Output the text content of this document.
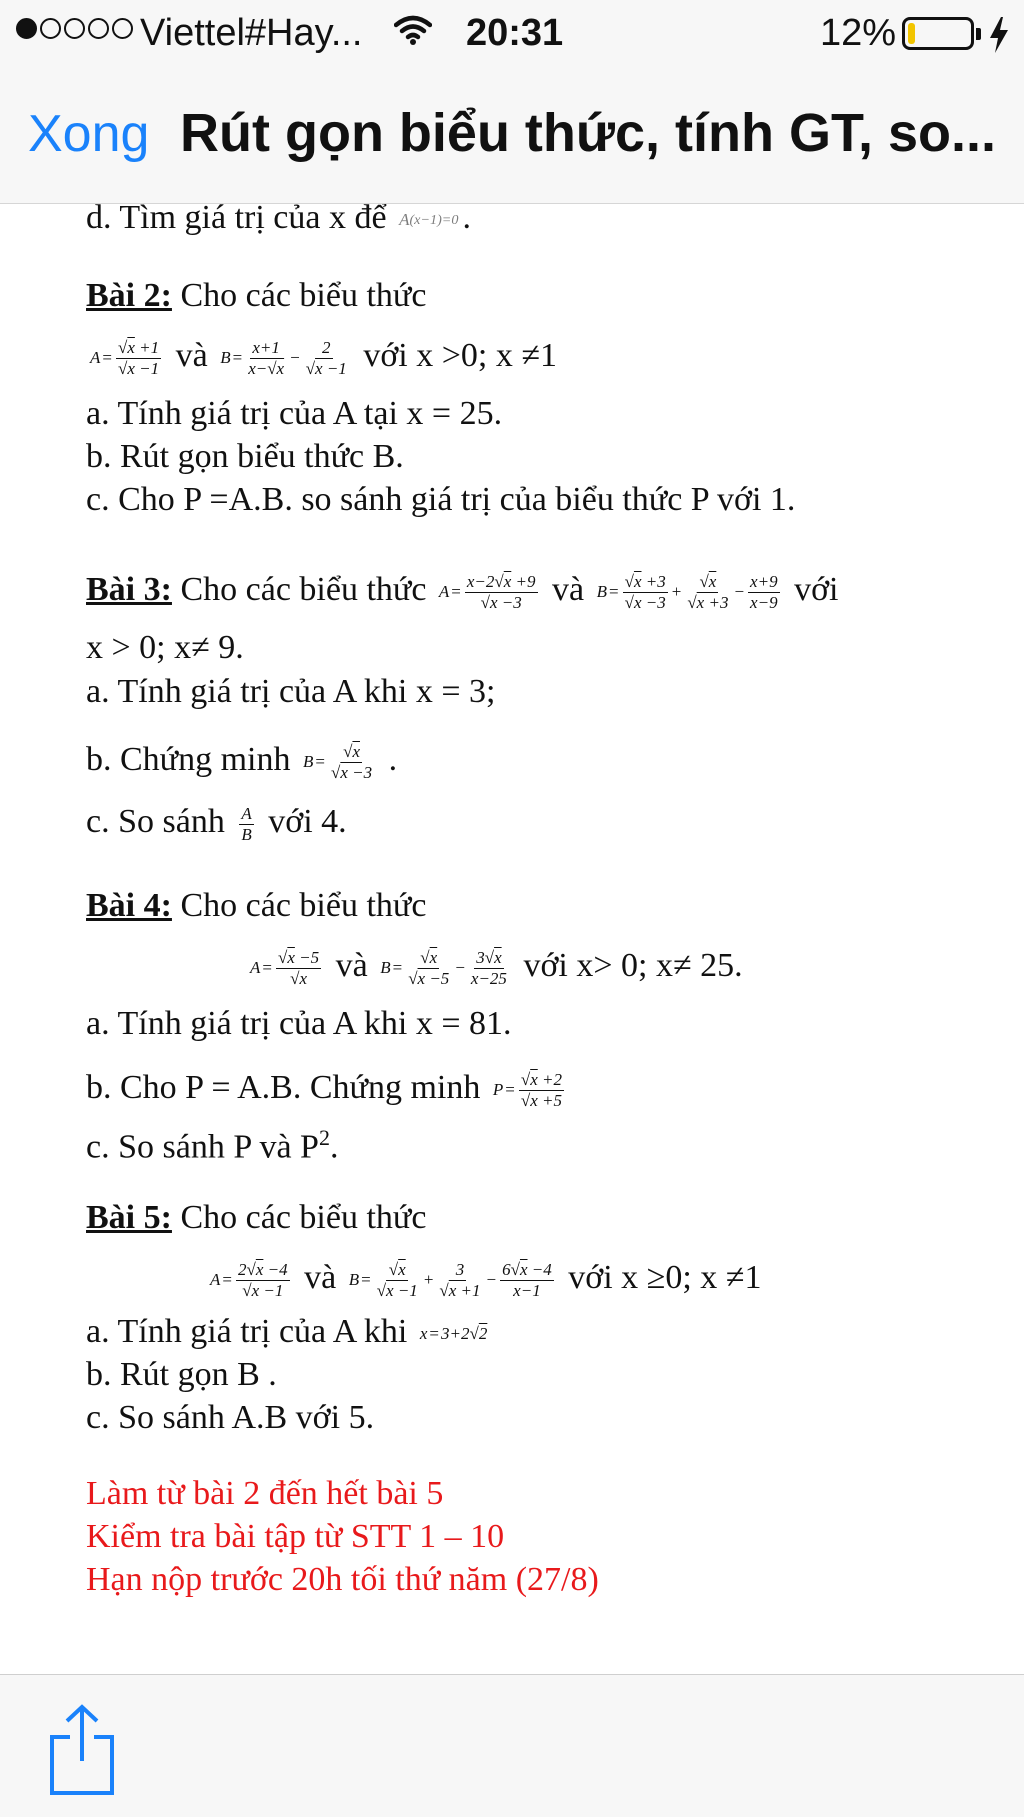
Viettel#Hay...	20:31	12%
Xong Rút gọn biểu thức, tính GT, so...
d. Tìm giá trị của x để A (x−1)=0 .
Bài 2: Cho các biểu thức
$A = \frac{√x +1}{√x -1}$ và $B = \frac{x+1}{x-√x} - \frac{2}{√x -1}$ với x >0; x ≠1
a. Tính giá trị của A tại x = 25.
b. Rút gọn biểu thức B.
c. Cho P =A.B. so sánh giá trị của biểu thức P với 1.
Bài 3: Cho các biểu thức $A = \frac{x-2√x +9}{√x -3}$ và $B = \frac{√x +3}{√x -3} + \frac{√x}{√x +3} - \frac{x+9}{x-9}$ với
x > 0; x≠ 9.
a. Tính giá trị của A khi x = 3;
b. Chứng minh $B = \frac{√x}{√x -3}$ .
c. So sánh $\frac{A}{B}$ với 4.
Bài 4: Cho các biểu thức
$A = \frac{√x -5}{√x}$ và $B = \frac{√x}{√x -5} - \frac{3√x}{x-25}$ với x> 0; x≠ 25.
a. Tính giá trị của A khi x = 81.
b. Cho P = A.B. Chứng minh $P = \frac{√x +2}{√x +5}$
c. So sánh P và $P^2$.
Bài 5: Cho các biểu thức
$A = \frac{2√x -4}{√x -1}$ và $B = \frac{√x}{√x -1} + \frac{3}{√x +1} - \frac{6√x -4}{x-1}$ với x ≥0; x ≠1
a. Tính giá trị của A khi x = 3+2√ 2
b. Rút gọn B .
c. So sánh A.B với 5.
Làm từ bài 2 đến hết bài 5
Kiểm tra bài tập từ STT 1 – 10
Hạn nộp trước 20h tối thứ năm (27/8)
